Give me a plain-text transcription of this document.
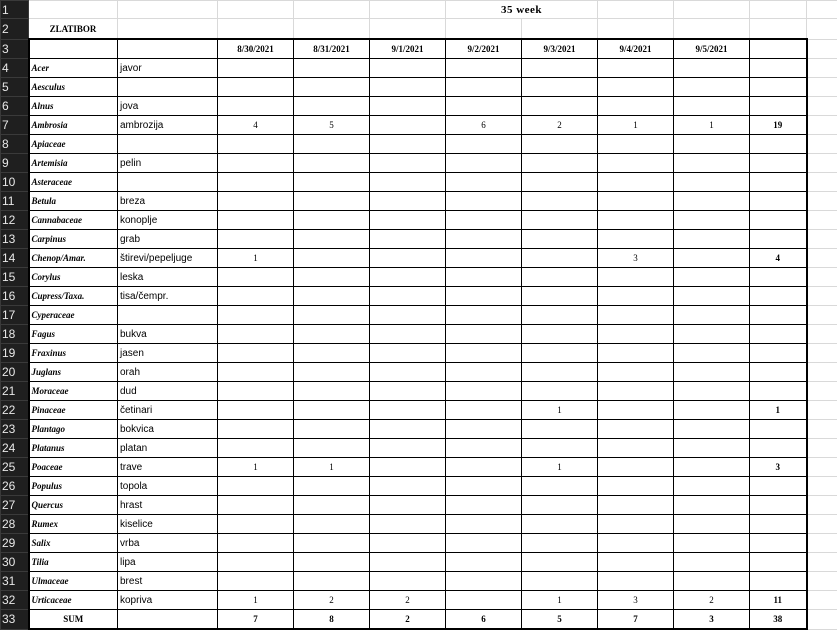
1						35 week					
2	ZLATIBOR										
3			8/30/2021	8/31/2021	9/1/2021	9/2/2021	9/3/2021	9/4/2021	9/5/2021		
4	Acer	javor									
5	Aesculus										
6	Alnus	jova									
7	Ambrosia	ambrozija	4	5		6	2	1	1	19	
8	Apiaceae										
9	Artemisia	pelin									
10	Asteraceae										
11	Betula	breza									
12	Cannabaceae	konoplje									
13	Carpinus	grab									
14	Chenop/Amar.	štirevi/pepeljuge	1					3		4	
15	Corylus	leska									
16	Cupress/Taxa.	tisa/čempr.									
17	Cyperaceae										
18	Fagus	bukva									
19	Fraxinus	jasen									
20	Juglans	orah									
21	Moraceae	dud									
22	Pinaceae	četinari					1			1	
23	Plantago	bokvica									
24	Platanus	platan									
25	Poaceae	trave	1	1			1			3	
26	Populus	topola									
27	Quercus	hrast									
28	Rumex	kiselice									
29	Salix	vrba									
30	Tilia	lipa									
31	Ulmaceae	brest									
32	Urticaceae	kopriva	1	2	2		1	3	2	11	
33	SUM		7	8	2	6	5	7	3	38	
